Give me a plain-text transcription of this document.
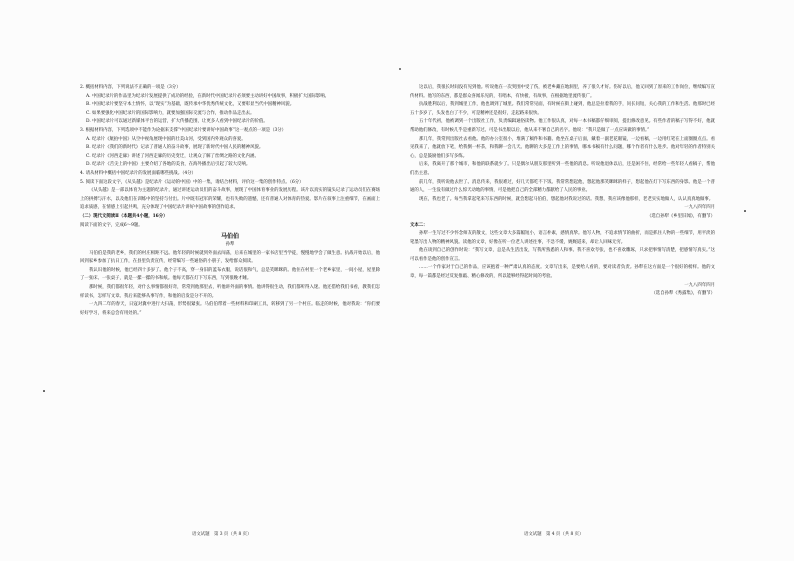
2. 概括材料内容，下列说法不正确的一项是（3分）

A. 中国纪录片的作品里为纪录片发展提供了成功的经验，在新时代中国纪录片必须要主动讲好中国故事，积极扩大国际影响。

B. 中国纪录片要坚守本土情怀，以“现实”为基础，既传承中华优秀传统文化，又要彰显当代中国精神风貌。

C. 如果要强化中国纪录片的国际影响力，就要加强国际交流与合作，推动作品走出去。

D. 中国纪录片可以通过新媒体平台的运营，扩大传播范围，让更多人看到中国纪录片的价值。

3. 根据材料内容，下列选项中不能作为论据来支撑“中国纪录片要讲好中国故事”这一观点的一项是（3分）

A. 纪录片《航拍中国》从空中视角展现中国的壮美山河，受到国内外观众的喜爱。

B. 纪录片《我们的新时代》记录了普通人的奋斗故事，展现了新时代中国人民的精神风貌。

C. 纪录片《河西走廊》讲述了河西走廊的历史变迁，让观众了解了丝绸之路的文化内涵。

D. 纪录片《舌尖上的中国》主要介绍了各地的美食，在海外播出后引起了较大反响。

4. 请从材料中概括中国纪录片的发展面临哪些挑战。（4分）

5. 阅读下面这段文字，《从头越》是纪录片《运动的中国》中的一集，请结合材料，评价这一集的创作特点。（6分）

《从头越》是一部以体育为主题的纪录片，通过讲述运动员们的奋斗故事，展现了中国体育事业的发展历程。该片以真实的镜头记录了运动员们在赛场上的拼搏与汗水，以及他们在训练中的坚持与付出。片中既有冠军的荣耀，也有失败的遗憾，还有普通人对体育的热爱。影片在叙事上注重细节，在画面上追求质感，在情感上引起共鸣，充分体现了中国纪录片讲好中国故事的创作追求。

（二）现代文阅读Ⅱ（本题共4小题，16分）

阅读下面的文字，完成6～9题。

马伯伯

孙犁

马伯伯是我的老乡，我们的村庄相距不远。他年轻的时候就到外面去闯荡，后来在城里的一家书店里当学徒，慢慢地学会了做生意。抗战开始以后，他回到家乡参加了抗日工作，在县里负责宣传，经常编写一些通俗的小册子，发给群众阅读。

我认识他的时候，他已经四十多岁了。他个子不高，穿一身旧的蓝布衣服，说话很和气，总是笑眯眯的。他住在村里一个老乡家里，一间小屋，屋里除了一张床、一张桌子，就是一摞一摞的书和纸。他每天都在灯下写东西，写到很晚才睡。

那时候，我们都很年轻，对什么事情都很好奇，常常到他那里去，听他讲外面的事情。他讲得很生动，我们都听得入迷。他还借给我们书看，教我们怎样读书，怎样写文章。我后来能够从事写作，和他的启发是分不开的。

一九四二年的春天，日寇对冀中进行大扫荡，形势很紧张。马伯伯带着一些材料和印刷工具，转移到了另一个村庄。临走的时候，他对我说：“你们要好好学习，将来总会有用处的。”

这以后，我很长时间没有见到他。听说他在一次突围中受了伤，被老乡藏在地洞里，养了很久才好。伤好以后，他又回到了原来的工作岗位，继续编写宣传材料。他写的东西，都是群众喜闻乐见的，有唱本，有快板，有故事，在根据地里流传很广。

抗战胜利以后，我到城里工作，他也调到了城里。我们常常见面，有时候在街上碰到，他总是拉着我的手，问长问短，关心我的工作和生活。他那时已经五十多岁了，头发也白了不少，可是精神还是很好，走起路来很快。

五十年代初，他被调到一个出版社工作，负责编辑通俗读物。他工作很认真，对每一本书稿都仔细审阅，提出修改意见。有些作者的稿子写得不好，他就帮助他们修改，有时候几乎是重新写过。可是书出版以后，他从来不署自己的名字。他说：“我只是做了一点应该做的事情。”

那几年，我常到出版社去看他。他的办公室很小，堆满了稿件和书籍。他坐在桌子后面，戴着一副老花眼镜，一边看稿，一边用红笔在上面圈圈点点。看见我来了，他就放下笔，给我倒一杯茶，和我聊一会儿天。他聊的大多是工作上的事情，哪本书稿有什么问题，哪个作者有什么进步。他对年轻的作者特别关心，总是鼓励他们多写多练。

后来，我离开了那个城市，和他的联系就少了。只是偶尔从朋友那里听到一些他的消息。听说他退休以后，还是闲不住，经常给一些年轻人看稿子，帮他们出主意。

前几年，我听说他去世了。消息传来，我很难过，好几天都吃不下饭。我常常想起他，想起他那笑眯眯的样子，想起他在灯下写东西的身影。他是一个普通的人，一生没有做过什么惊天动地的事情，可是他把自己的全部精力都献给了人民的事业。

现在，我也老了。每当我拿起笔来写东西的时候，就会想起马伯伯，想起他对我说过的话。我想，我应该像他那样，老老实实地做人，认认真真地做事。

一九八四年四月

（选自孙犁《乡里旧闻》，有删节）

文本二：

孙犁一生写过不少怀念师友的散文，这些文章大多篇幅短小，语言朴素，感情真挚。他写人物，不追求情节的曲折，而是抓住人物的一些细节，用平淡的笔墨写出人物的精神风貌。读他的文章，好像在听一位老人讲述往事，不急不缓，娓娓道来，却让人回味无穷。

他在谈到自己的创作时说：“我写文章，总是从生活出发，写我所熟悉的人和事。我不喜欢夸张，也不喜欢雕琢，只求把事情写清楚，把感情写真实。”这可以看作是他的创作宣言。

……一个作家对于自己的作品，应该抱着一种严肃认真的态度。文章写出来，是要给人看的，要对读者负责。孙犁在这方面是一个很好的榜样。他的文章，每一篇都是经过反复推敲、精心修改的，所以能够经得起时间的考验。

一九八四年四月

（选自孙犁《秀露集》，有删节）

语文试题　第 3 页（共 8 页）	语文试题　第 4 页（共 8 页）
